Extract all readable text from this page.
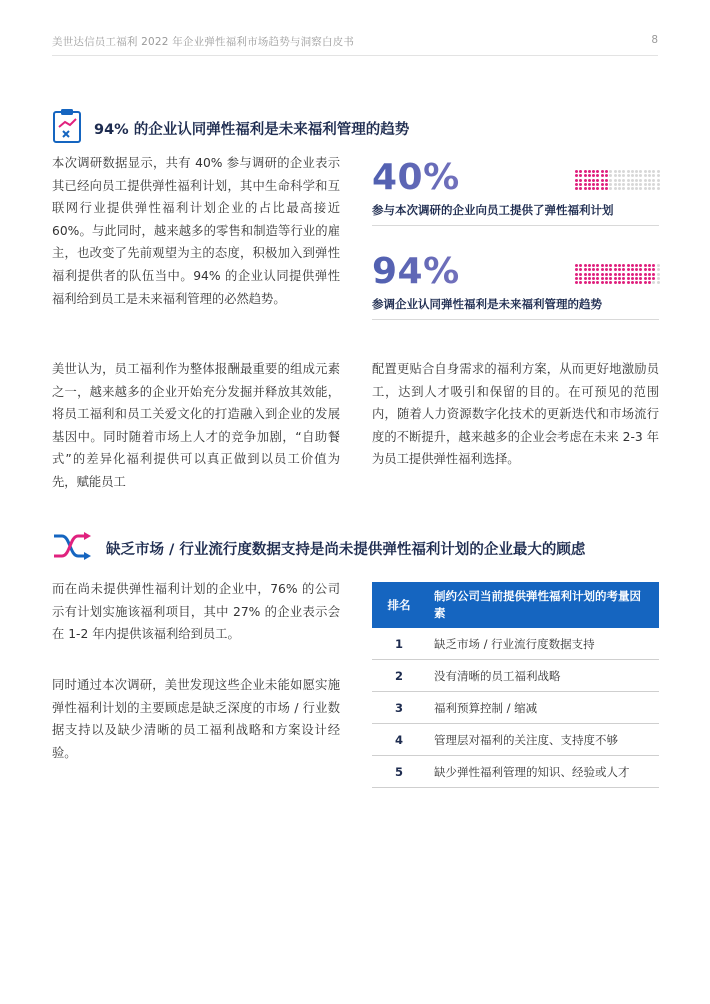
美世达信员工福利 2022 年企业弹性福利市场趋势与洞察白皮书	8
94% 的企业认同弹性福利是未来福利管理的趋势
本次调研数据显示，共有 40% 参与调研的企业表示其已经向员工提供弹性福利计划，其中生命科学和互联网行业提供弹性福利计划企业的占比最高接近 60%。与此同时，越来越多的零售和制造等行业的雇主，也改变了先前观望为主的态度，积极加入到弹性福利提供者的队伍当中。94% 的企业认同提供弹性福利给到员工是未来福利管理的必然趋势。
40%
参与本次调研的企业向员工提供了弹性福利计划
94%
参调企业认同弹性福利是未来福利管理的趋势
美世认为，员工福利作为整体报酬最重要的组成元素之一，越来越多的企业开始充分发掘并释放其效能，将员工福利和员工关爱文化的打造融入到企业的发展基因中。同时随着市场上人才的竞争加剧，“自助餐式”的差异化福利提供可以真正做到以员工价值为先，赋能员工
配置更贴合自身需求的福利方案，从而更好地激励员工，达到人才吸引和保留的目的。在可预见的范围内，随着人力资源数字化技术的更新迭代和市场流行度的不断提升，越来越多的企业会考虑在未来 2-3 年为员工提供弹性福利选择。
缺乏市场 / 行业流行度数据支持是尚未提供弹性福利计划的企业最大的顾虑
而在尚未提供弹性福利计划的企业中，76% 的公司示有计划实施该福利项目，其中 27% 的企业表示会在 1-2 年内提供该福利给到员工。
同时通过本次调研，美世发现这些企业未能如愿实施弹性福利计划的主要顾虑是缺乏深度的市场 / 行业数据支持以及缺少清晰的员工福利战略和方案设计经验。
排名	制约公司当前提供弹性福利计划的考量因素
1	缺乏市场 / 行业流行度数据支持
2	没有清晰的员工福利战略
3	福利预算控制 / 缩减
4	管理层对福利的关注度、支持度不够
5	缺少弹性福利管理的知识、经验或人才
